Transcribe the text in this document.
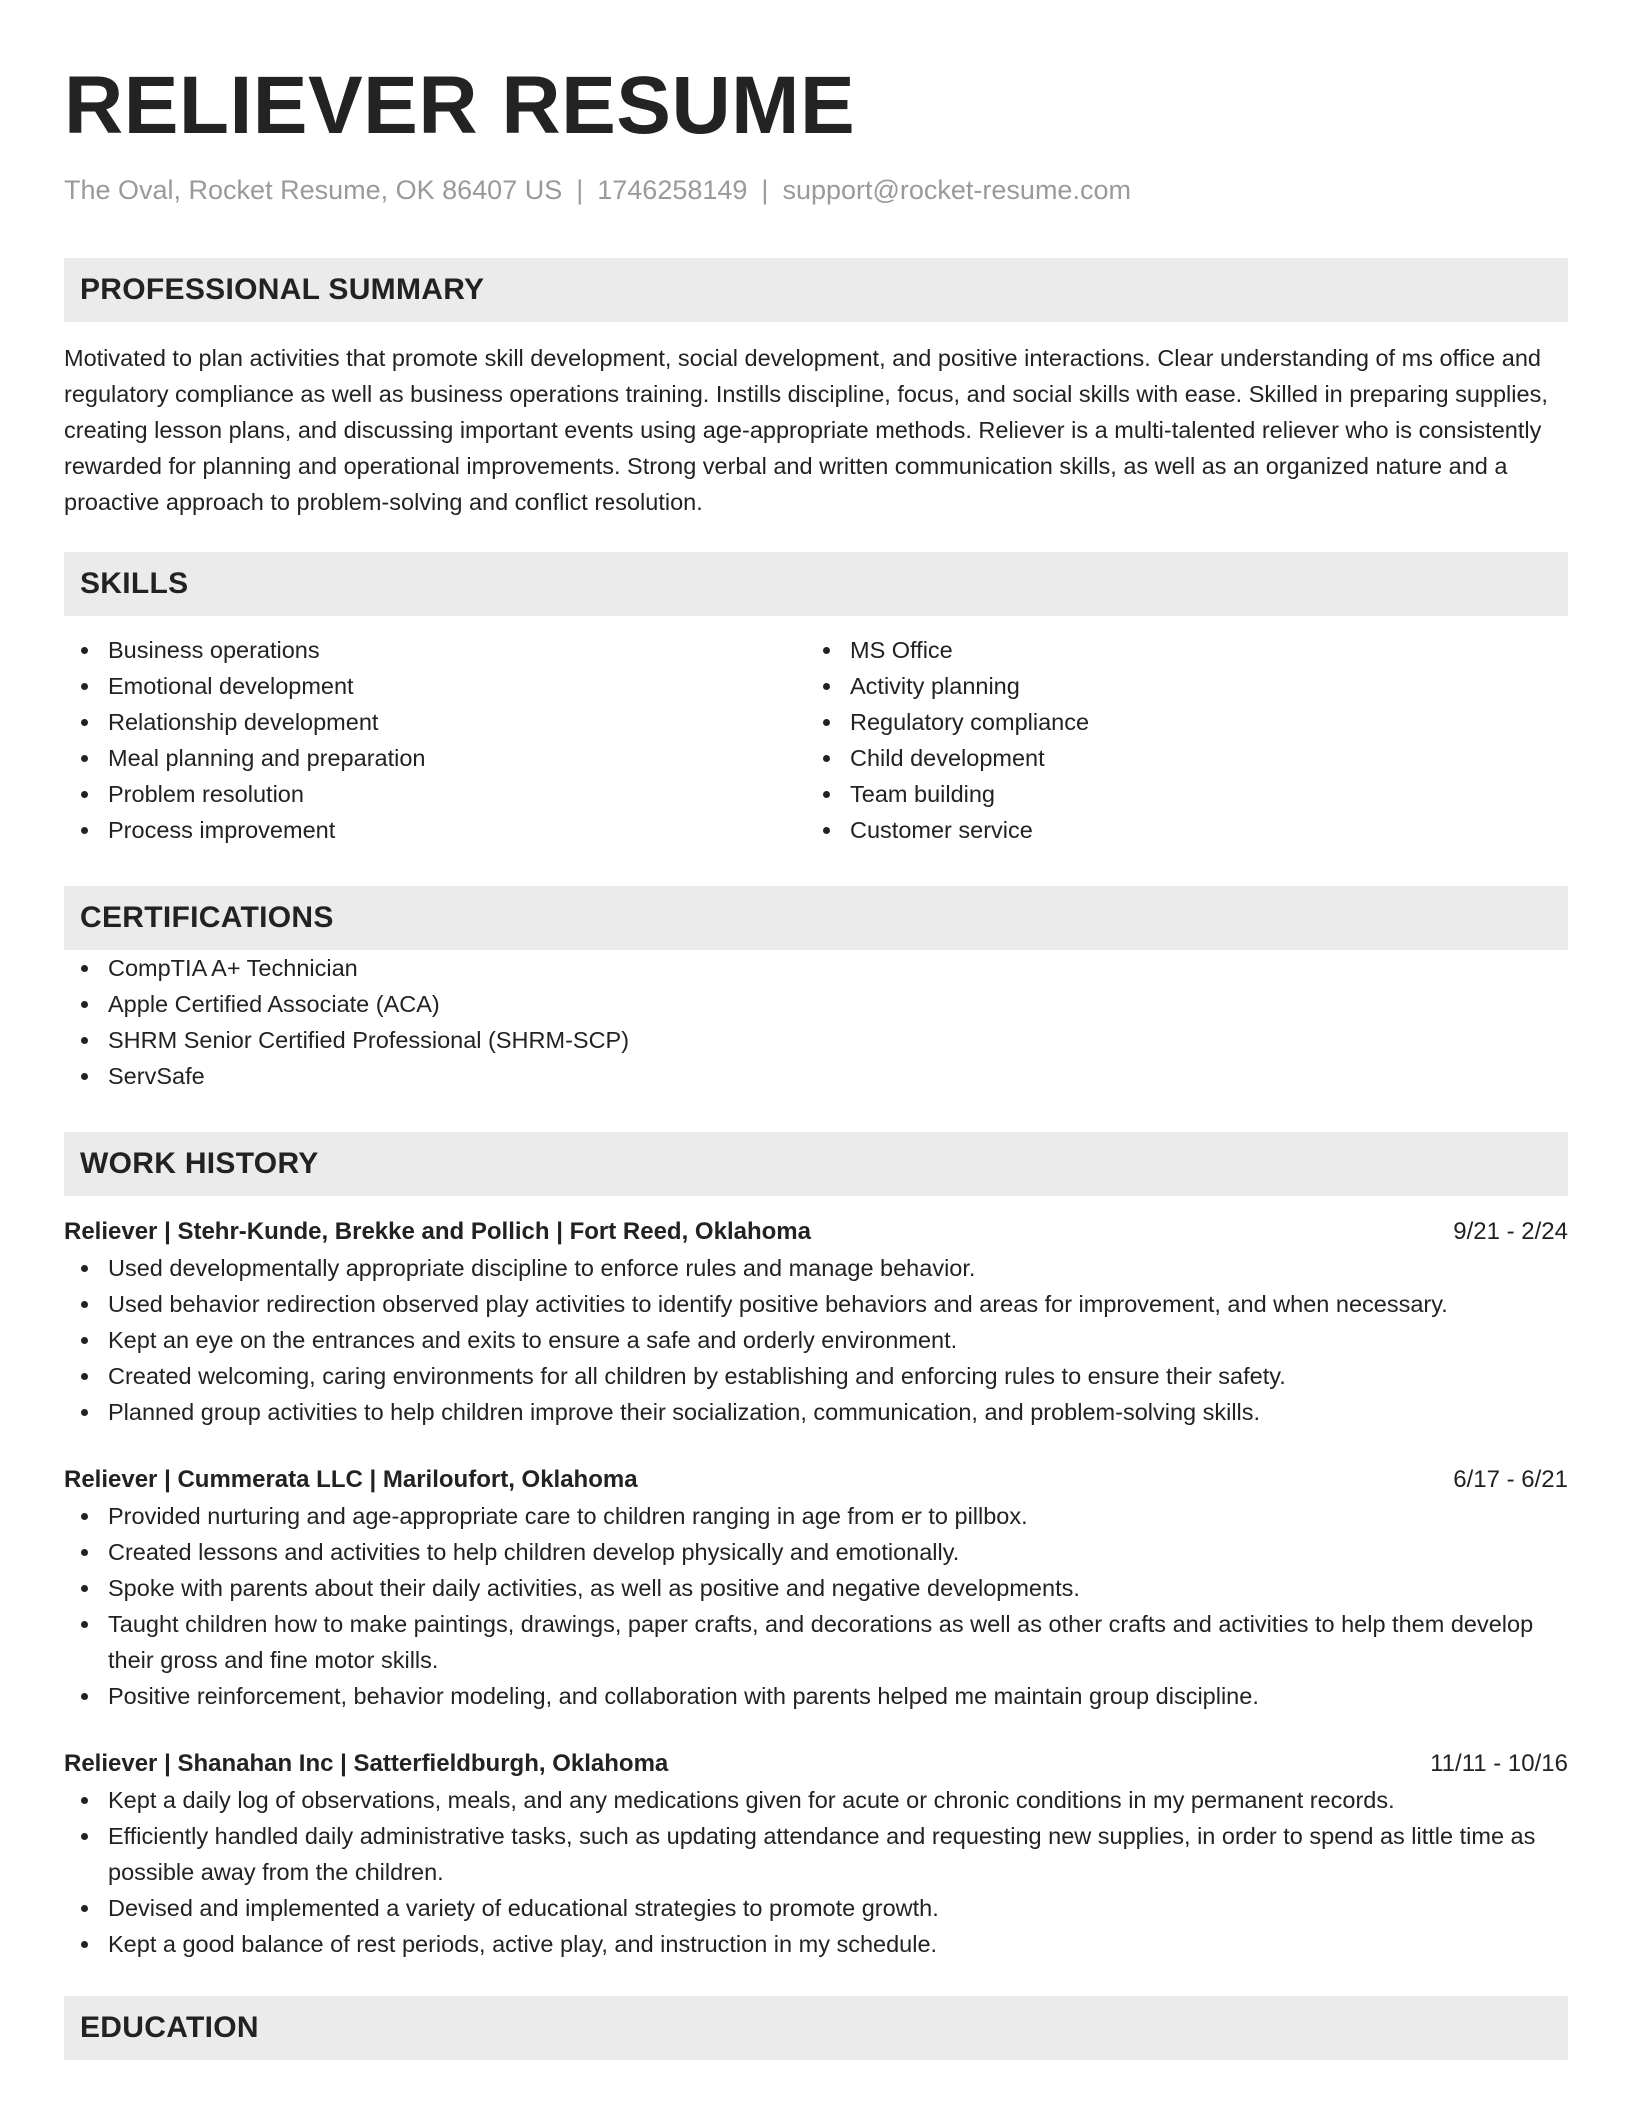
RELIEVER RESUME
The Oval, Rocket Resume, OK 86407 US | 1746258149 | support@rocket-resume.com
PROFESSIONAL SUMMARY

Motivated to plan activities that promote skill development, social development, and positive interactions. Clear understanding of ms office and regulatory compliance as well as business operations training. Instills discipline, focus, and social skills with ease. Skilled in preparing supplies, creating lesson plans, and discussing important events using age-appropriate methods. Reliever is a multi-talented reliever who is consistently rewarded for planning and operational improvements. Strong verbal and written communication skills, as well as an organized nature and a proactive approach to problem-solving and conflict resolution.

SKILLS
Business operations
Emotional development
Relationship development
Meal planning and preparation
Problem resolution
Process improvement
MS Office
Activity planning
Regulatory compliance
Child development
Team building
Customer service
CERTIFICATIONS
CompTIA A+ Technician
Apple Certified Associate (ACA)
SHRM Senior Certified Professional (SHRM-SCP)
ServSafe
WORK HISTORY
Reliever | Stehr-Kunde, Brekke and Pollich | Fort Reed, Oklahoma	9/21 - 2/24
Used developmentally appropriate discipline to enforce rules and manage behavior.
Used behavior redirection observed play activities to identify positive behaviors and areas for improvement, and when necessary.
Kept an eye on the entrances and exits to ensure a safe and orderly environment.
Created welcoming, caring environments for all children by establishing and enforcing rules to ensure their safety.
Planned group activities to help children improve their socialization, communication, and problem-solving skills.
Reliever | Cummerata LLC | Mariloufort, Oklahoma	6/17 - 6/21
Provided nurturing and age-appropriate care to children ranging in age from er to pillbox.
Created lessons and activities to help children develop physically and emotionally.
Spoke with parents about their daily activities, as well as positive and negative developments.
Taught children how to make paintings, drawings, paper crafts, and decorations as well as other crafts and activities to help them develop their gross and fine motor skills.
Positive reinforcement, behavior modeling, and collaboration with parents helped me maintain group discipline.
Reliever | Shanahan Inc | Satterfieldburgh, Oklahoma	11/11 - 10/16
Kept a daily log of observations, meals, and any medications given for acute or chronic conditions in my permanent records.
Efficiently handled daily administrative tasks, such as updating attendance and requesting new supplies, in order to spend as little time as possible away from the children.
Devised and implemented a variety of educational strategies to promote growth.
Kept a good balance of rest periods, active play, and instruction in my schedule.
EDUCATION
